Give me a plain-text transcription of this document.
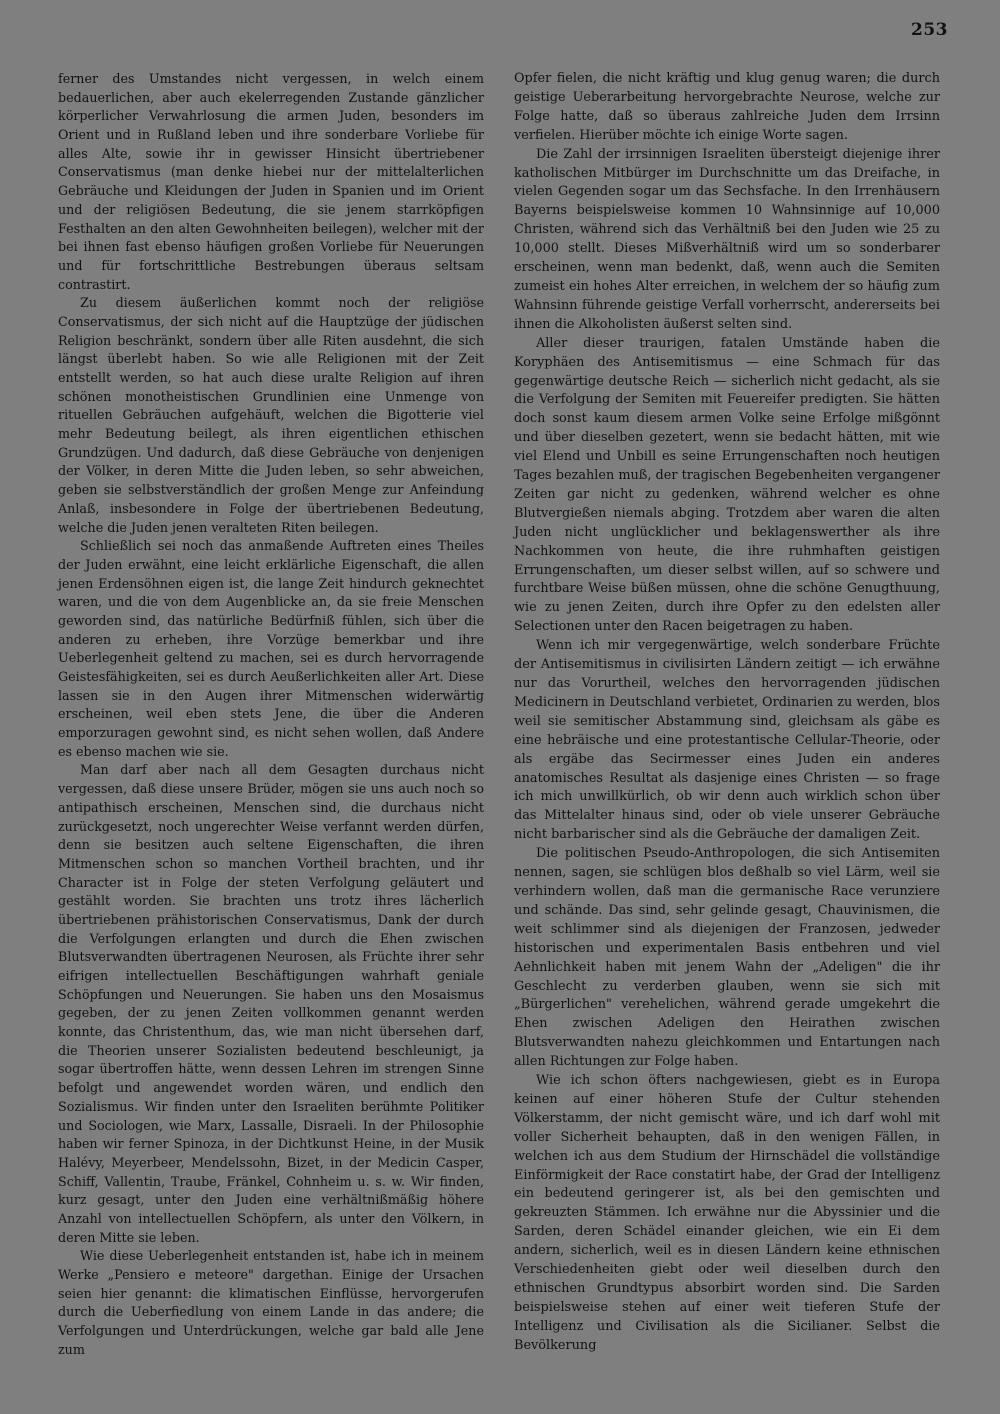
253

ferner des Umstandes nicht vergessen, in welch einem bedauerlichen, aber auch ekelerregenden Zustande gänzlicher körperlicher Verwahrlosung die armen Juden, besonders im Orient und in Rußland leben und ihre sonderbare Vorliebe für alles Alte, sowie ihr in gewisser Hinsicht übertriebener Conservatismus (man denke hiebei nur der mittelalterlichen Gebräuche und Kleidungen der Juden in Spanien und im Orient und der religiösen Bedeutung, die sie jenem starrköpfigen Festhalten an den alten Gewohnheiten beilegen), welcher mit der bei ihnen fast ebenso häufigen großen Vorliebe für Neuerungen und für fortschrittliche Bestrebungen überaus seltsam contrastirt.

Zu diesem äußerlichen kommt noch der religiöse Conservatismus, der sich nicht auf die Hauptzüge der jüdischen Religion beschränkt, sondern über alle Riten ausdehnt, die sich längst überlebt haben. So wie alle Religionen mit der Zeit entstellt werden, so hat auch diese uralte Religion auf ihren schönen monotheistischen Grundlinien eine Unmenge von rituellen Gebräuchen aufgehäuft, welchen die Bigotterie viel mehr Bedeutung beilegt, als ihren eigentlichen ethischen Grundzügen. Und dadurch, daß diese Gebräuche von denjenigen der Völker, in deren Mitte die Juden leben, so sehr abweichen, geben sie selbstverständlich der großen Menge zur Anfeindung Anlaß, insbesondere in Folge der übertriebenen Bedeutung, welche die Juden jenen veralteten Riten beilegen.

Schließlich sei noch das anmaßende Auftreten eines Theiles der Juden erwähnt, eine leicht erklärliche Eigenschaft, die allen jenen Erdensöhnen eigen ist, die lange Zeit hindurch geknechtet waren, und die von dem Augenblicke an, da sie freie Menschen geworden sind, das natürliche Bedürfniß fühlen, sich über die anderen zu erheben, ihre Vorzüge bemerkbar und ihre Ueberlegenheit geltend zu machen, sei es durch hervorragende Geistesfähigkeiten, sei es durch Aeußerlichkeiten aller Art. Diese lassen sie in den Augen ihrer Mitmenschen widerwärtig erscheinen, weil eben stets Jene, die über die Anderen emporzuragen gewohnt sind, es nicht sehen wollen, daß Andere es ebenso machen wie sie.

Man darf aber nach all dem Gesagten durchaus nicht vergessen, daß diese unsere Brüder, mögen sie uns auch noch so antipathisch erscheinen, Menschen sind, die durchaus nicht zurückgesetzt, noch ungerechter Weise verfannt werden dürfen, denn sie besitzen auch seltene Eigenschaften, die ihren Mitmenschen schon so manchen Vortheil brachten, und ihr Character ist in Folge der steten Verfolgung geläutert und gestählt worden. Sie brachten uns trotz ihres lächerlich übertriebenen prähistorischen Conservatismus, Dank der durch die Verfolgungen erlangten und durch die Ehen zwischen Blutsverwandten übertragenen Neurosen, als Früchte ihrer sehr eifrigen intellectuellen Beschäftigungen wahrhaft geniale Schöpfungen und Neuerungen. Sie haben uns den Mosaismus gegeben, der zu jenen Zeiten vollkommen genannt werden konnte, das Christenthum, das, wie man nicht übersehen darf, die Theorien unserer Sozialisten bedeutend beschleunigt, ja sogar übertroffen hätte, wenn dessen Lehren im strengen Sinne befolgt und angewendet worden wären, und endlich den Sozialismus. Wir finden unter den Israeliten berühmte Politiker und Sociologen, wie Marx, Lassalle, Disraeli. In der Philosophie haben wir ferner Spinoza, in der Dichtkunst Heine, in der Musik Halévy, Meyerbeer, Mendelssohn, Bizet, in der Medicin Casper, Schiff, Vallentin, Traube, Fränkel, Cohnheim u. s. w. Wir finden, kurz gesagt, unter den Juden eine verhältnißmäßig höhere Anzahl von intellectuellen Schöpfern, als unter den Völkern, in deren Mitte sie leben.

Wie diese Ueberlegenheit entstanden ist, habe ich in meinem Werke „Pensiero e meteore" dargethan. Einige der Ursachen seien hier genannt: die klimatischen Einflüsse, hervorgerufen durch die Ueberfiedlung von einem Lande in das andere; die Verfolgungen und Unterdrückungen, welche gar bald alle Jene zum

Opfer fielen, die nicht kräftig und klug genug waren; die durch geistige Ueberarbeitung hervorgebrachte Neurose, welche zur Folge hatte, daß so überaus zahlreiche Juden dem Irrsinn verfielen. Hierüber möchte ich einige Worte sagen.

Die Zahl der irrsinnigen Israeliten übersteigt diejenige ihrer katholischen Mitbürger im Durchschnitte um das Dreifache, in vielen Gegenden sogar um das Sechsfache. In den Irrenhäusern Bayerns beispielsweise kommen 10 Wahnsinnige auf 10,000 Christen, während sich das Verhältniß bei den Juden wie 25 zu 10,000 stellt. Dieses Mißverhältniß wird um so sonderbarer erscheinen, wenn man bedenkt, daß, wenn auch die Semiten zumeist ein hohes Alter erreichen, in welchem der so häufig zum Wahnsinn führende geistige Verfall vorherrscht, andererseits bei ihnen die Alkoholisten äußerst selten sind.

Aller dieser traurigen, fatalen Umstände haben die Koryphäen des Antisemitismus — eine Schmach für das gegenwärtige deutsche Reich — sicherlich nicht gedacht, als sie die Verfolgung der Semiten mit Feuereifer predigten. Sie hätten doch sonst kaum diesem armen Volke seine Erfolge mißgönnt und über dieselben gezetert, wenn sie bedacht hätten, mit wie viel Elend und Unbill es seine Errungenschaften noch heutigen Tages bezahlen muß, der tragischen Begebenheiten vergangener Zeiten gar nicht zu gedenken, während welcher es ohne Blutvergießen niemals abging. Trotzdem aber waren die alten Juden nicht unglücklicher und beklagenswerther als ihre Nachkommen von heute, die ihre ruhmhaften geistigen Errungenschaften, um dieser selbst willen, auf so schwere und furchtbare Weise büßen müssen, ohne die schöne Genugthuung, wie zu jenen Zeiten, durch ihre Opfer zu den edelsten aller Selectionen unter den Racen beigetragen zu haben.

Wenn ich mir vergegenwärtige, welch sonderbare Früchte der Antisemitismus in civilisirten Ländern zeitigt — ich erwähne nur das Vorurtheil, welches den hervorragenden jüdischen Medicinern in Deutschland verbietet, Ordinarien zu werden, blos weil sie semitischer Abstammung sind, gleichsam als gäbe es eine hebräische und eine protestantische Cellular-Theorie, oder als ergäbe das Secirmesser eines Juden ein anderes anatomisches Resultat als dasjenige eines Christen — so frage ich mich unwillkürlich, ob wir denn auch wirklich schon über das Mittelalter hinaus sind, oder ob viele unserer Gebräuche nicht barbarischer sind als die Gebräuche der damaligen Zeit.

Die politischen Pseudo-Anthropologen, die sich Antisemiten nennen, sagen, sie schlügen blos deßhalb so viel Lärm, weil sie verhindern wollen, daß man die germanische Race verunziere und schände. Das sind, sehr gelinde gesagt, Chauvinismen, die weit schlimmer sind als diejenigen der Franzosen, jedweder historischen und experimentalen Basis entbehren und viel Aehnlichkeit haben mit jenem Wahn der „Adeligen" die ihr Geschlecht zu verderben glauben, wenn sie sich mit „Bürgerlichen" verehelichen, während gerade umgekehrt die Ehen zwischen Adeligen den Heirathen zwischen Blutsverwandten nahezu gleichkommen und Entartungen nach allen Richtungen zur Folge haben.

Wie ich schon öfters nachgewiesen, giebt es in Europa keinen auf einer höheren Stufe der Cultur stehenden Völkerstamm, der nicht gemischt wäre, und ich darf wohl mit voller Sicherheit behaupten, daß in den wenigen Fällen, in welchen ich aus dem Studium der Hirnschädel die vollständige Einförmigkeit der Race constatirt habe, der Grad der Intelligenz ein bedeutend geringerer ist, als bei den gemischten und gekreuzten Stämmen. Ich erwähne nur die Abyssinier und die Sarden, deren Schädel einander gleichen, wie ein Ei dem andern, sicherlich, weil es in diesen Ländern keine ethnischen Verschiedenheiten giebt oder weil dieselben durch den ethnischen Grundtypus absorbirt worden sind. Die Sarden beispielsweise stehen auf einer weit tieferen Stufe der Intelligenz und Civilisation als die Sicilianer. Selbst die Bevölkerung
